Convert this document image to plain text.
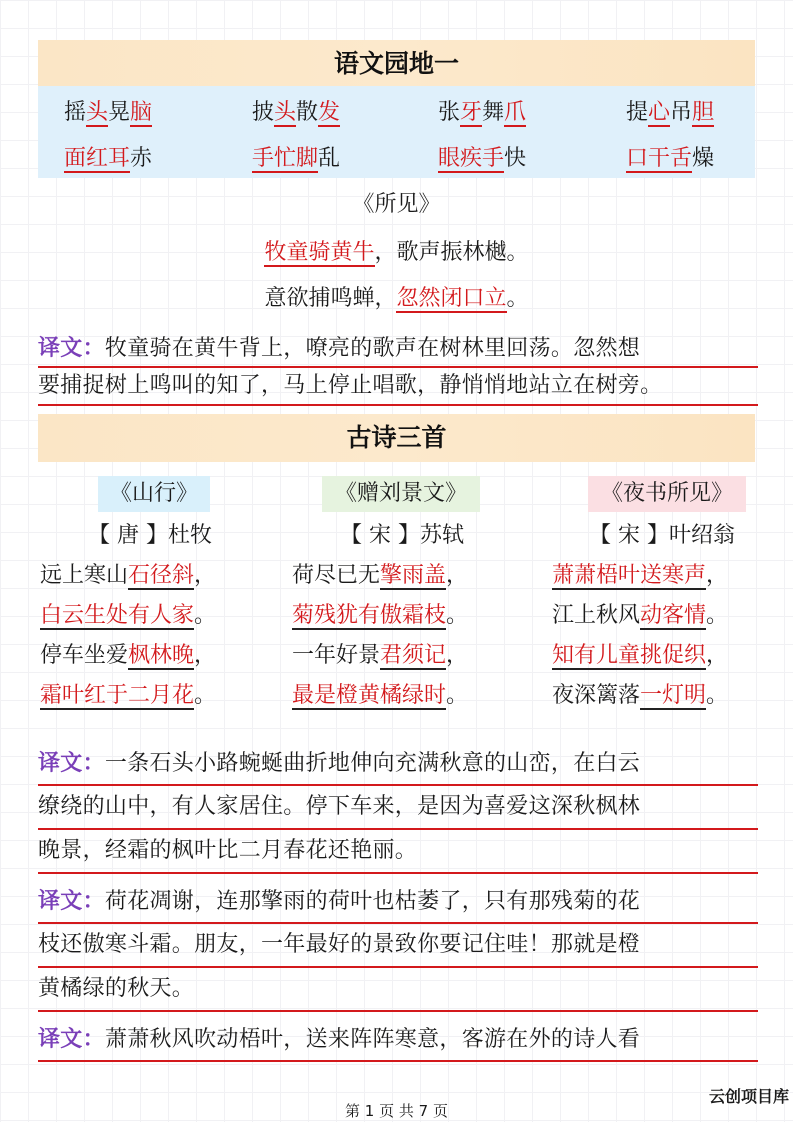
语文园地一
摇头晃脑	披头散发	张牙舞爪	提心吊胆
面红耳赤	手忙脚乱	眼疾手快	口干舌燥
《所见》
牧童骑黄牛，歌声振林樾。
意欲捕鸣蝉，忽然闭口立。
译文：牧童骑在黄牛背上，嘹亮的歌声在树林里回荡。忽然想
要捕捉树上鸣叫的知了，马上停止唱歌，静悄悄地站立在树旁。
古诗三首
《山行》
【 唐 】杜牧
远上寒山石径斜，
白云生处有人家。
停车坐爱枫林晚，
霜叶红于二月花。
《赠刘景文》
【 宋 】苏轼
荷尽已无擎雨盖，
菊残犹有傲霜枝。
一年好景君须记，
最是橙黄橘绿时。
《夜书所见》
【 宋 】叶绍翁
萧萧梧叶送寒声，
江上秋风动客情。
知有儿童挑促织，
夜深篱落一灯明。
译文：一条石头小路蜿蜒曲折地伸向充满秋意的山峦，在白云
缭绕的山中，有人家居住。停下车来，是因为喜爱这深秋枫林
晚景，经霜的枫叶比二月春花还艳丽。
译文：荷花凋谢，连那擎雨的荷叶也枯萎了，只有那残菊的花
枝还傲寒斗霜。朋友，一年最好的景致你要记住哇！那就是橙
黄橘绿的秋天。
译文：萧萧秋风吹动梧叶，送来阵阵寒意，客游在外的诗人看
第 1 页 共 7 页
云创项目库
